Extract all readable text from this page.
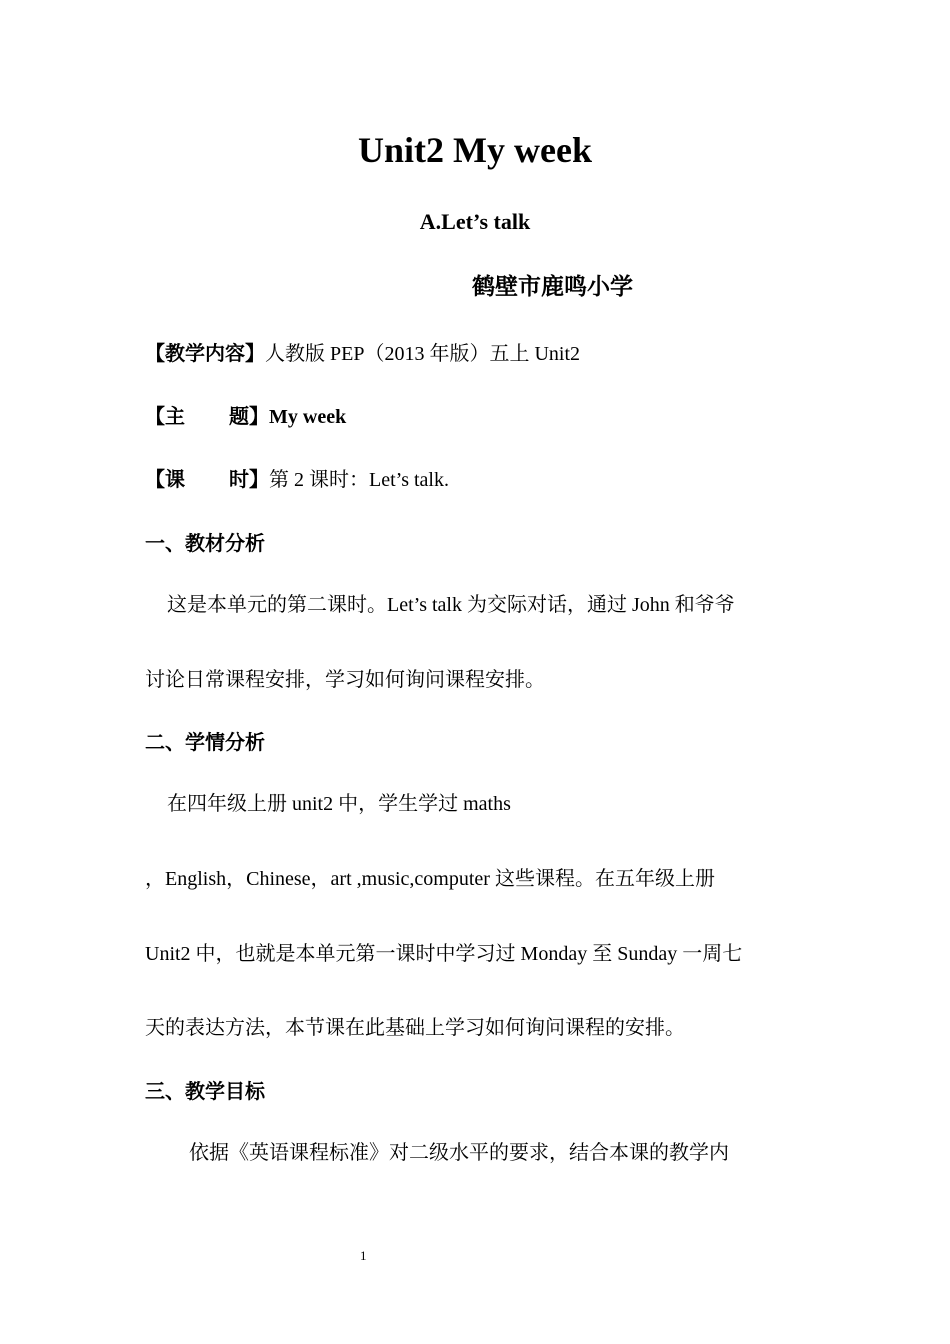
Unit2 My week
A.Let’s talk
鹤壁市鹿鸣小学
【教学内容】人教版 PEP（2013 年版）五上 Unit2
【主 题】My week
【课 时】第 2 课时：Let’s talk.
一、教材分析
这是本单元的第二课时。Let’s talk 为交际对话，通过 John 和爷爷
讨论日常课程安排，学习如何询问课程安排。
二、学情分析
在四年级上册 unit2 中，学生学过 maths
，English，Chinese，art ,music,computer 这些课程。在五年级上册
Unit2 中，也就是本单元第一课时中学习过 Monday 至 Sunday 一周七
天的表达方法，本节课在此基础上学习如何询问课程的安排。
三、教学目标
依据《英语课程标准》对二级水平的要求，结合本课的教学内
1
